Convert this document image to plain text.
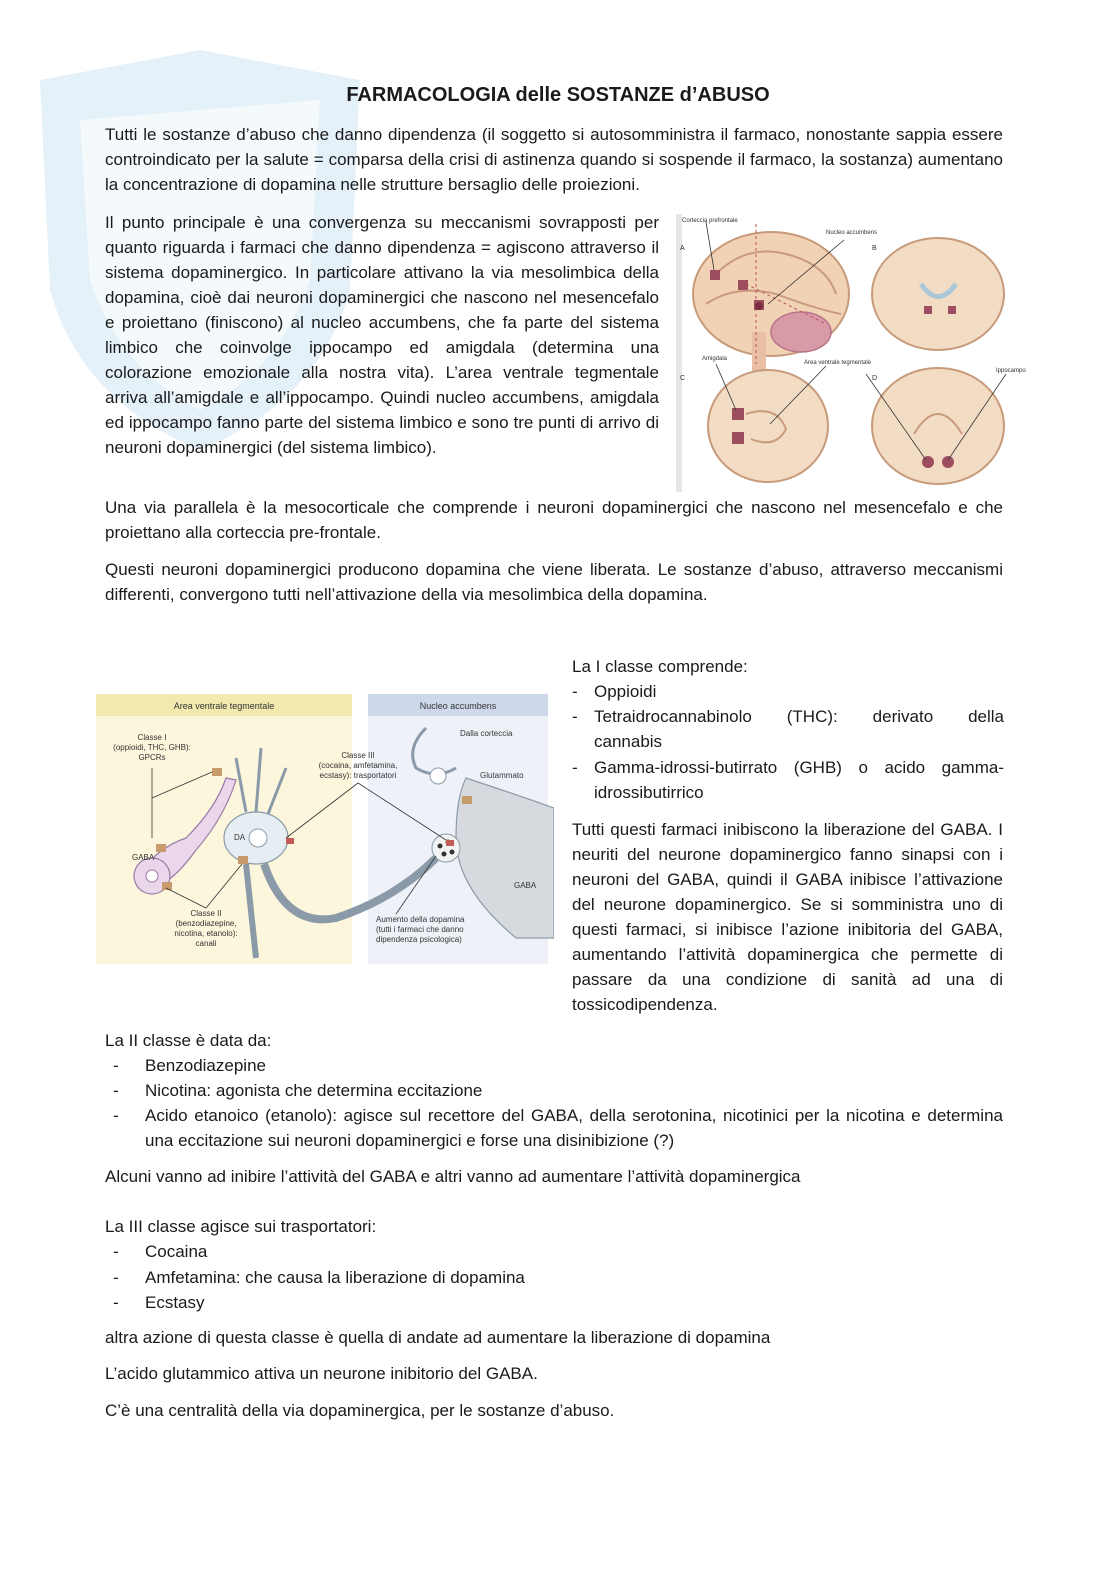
FARMACOLOGIA delle SOSTANZE d’ABUSO
Tutti le sostanze d’abuso che danno dipendenza (il soggetto si autosomministra il farmaco, nonostante sappia essere controindicato per la salute = comparsa della crisi di astinenza quando si sospende il farmaco, la sostanza) aumentano la concentrazione di dopamina nelle strutture bersaglio delle proiezioni.
Il punto principale è una convergenza su meccanismi sovrapposti per quanto riguarda i farmaci che danno dipendenza = agiscono attraverso il sistema dopaminergico. In particolare attivano la via mesolimbica della dopamina, cioè dai neuroni dopaminergici che nascono nel mesencefalo e proiettano (finiscono) al nucleo accumbens, che fa parte del sistema limbico che coinvolge ippocampo ed amigdala (determina una colorazione emozionale alla nostra vita). L’area ventrale tegmentale arriva all’amigdale e all’ippocampo. Quindi nucleo accumbens, amigdala ed ippocampo fanno parte del sistema limbico e sono tre punti di arrivo di neuroni dopaminergici (del sistema limbico).
Corteccia prefrontale
Nucleo accumbens
Amigdala
Area ventrale tegmentale
Ippocampo
A	B
C	D
Una via parallela è la mesocorticale che comprende i neuroni dopaminergici che nascono nel mesencefalo e che proiettano alla corteccia pre-frontale.
Questi neuroni dopaminergici producono dopamina che viene liberata. Le sostanze d’abuso, attraverso meccanismi differenti, convergono tutti nell’attivazione della via mesolimbica della dopamina.
Area ventrale tegmentale	Nucleo accumbens
Classe I
(oppioidi, THC, GHB):
GPCRs	Classe III
(cocaina, amfetamina,
ecstasy): trasportatori
Classe II
(benzodiazepine,
nicotina, etanolo):
canali
Dalla corteccia
Glutammato
GABA
GABA
DA
Aumento della dopamina
(tutti i farmaci che danno
dipendenza psicologica)
La I classe comprende:
- Oppioidi
- Tetraidrocannabinolo (THC): derivato della
cannabis
- Gamma-idrossi-butirrato (GHB) o acido gamma-
idrossibutirrico
Tutti questi farmaci inibiscono la liberazione del GABA. I neuriti del neurone dopaminergico fanno sinapsi con i neuroni del GABA, quindi il GABA inibisce l’attivazione del neurone dopaminergico. Se si somministra uno di questi farmaci, si inibisce l’azione inibitoria del GABA, aumentando l’attività dopaminergica che permette di passare da una condizione di sanità ad una di tossicodipendenza.
La II classe è data da:
- Benzodiazepine
- Nicotina: agonista che determina eccitazione
- Acido etanoico (etanolo): agisce sul recettore del GABA, della serotonina, nicotinici per la nicotina e determina una eccitazione sui neuroni dopaminergici e forse una disinibizione (?)
Alcuni vanno ad inibire l’attività del GABA e altri vanno ad aumentare l’attività dopaminergica
La III classe agisce sui trasportatori:
- Cocaina
- Amfetamina: che causa la liberazione di dopamina
- Ecstasy
altra azione di questa classe è quella di andate ad aumentare la liberazione di dopamina
L’acido glutammico attiva un neurone inibitorio del GABA.
C’è una centralità della via dopaminergica, per le sostanze d’abuso.
